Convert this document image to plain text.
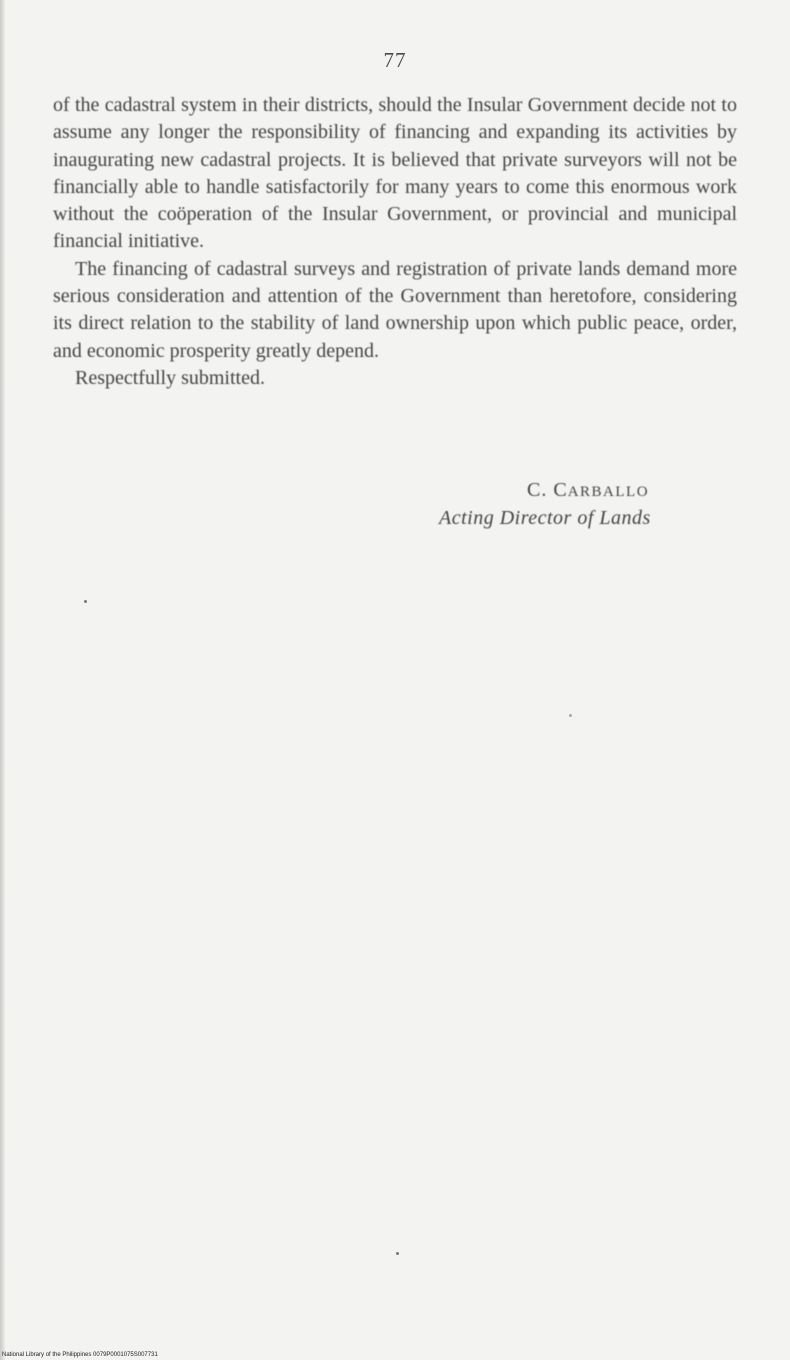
77

of the cadastral system in their districts, should the Insular Government decide not to assume any longer the responsibility of financing and expanding its activities by inaugurating new cadastral projects. It is believed that private surveyors will not be financially able to handle satisfactorily for many years to come this enormous work without the coöperation of the Insular Government, or provincial and municipal financial initiative.

The financing of cadastral surveys and registration of private lands demand more serious consideration and attention of the Government than heretofore, considering its direct relation to the stability of land ownership upon which public peace, order, and economic prosperity greatly depend.

Respectfully submitted.

C. CARBALLO
Acting Director of Lands
National Library of the Philippines 0079P0001075S007731
